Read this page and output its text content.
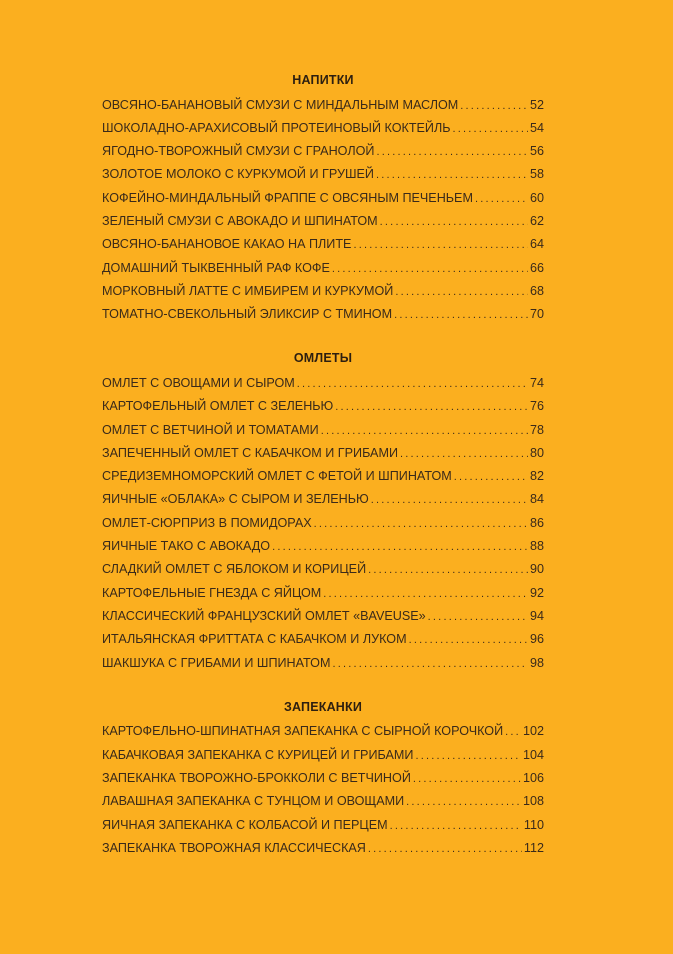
НАПИТКИ
ОВСЯНО-БАНАНОВЫЙ СМУЗИ С МИНДАЛЬНЫМ МАСЛОМ .....	52
ШОКОЛАДНО-АРАХИСОВЫЙ ПРОТЕИНОВЫЙ КОКТЕЙЛЬ .....	54
ЯГОДНО-ТВОРОЖНЫЙ СМУЗИ С ГРАНОЛОЙ .....	56
ЗОЛОТОЕ МОЛОКО С КУРКУМОЙ И ГРУШЕЙ .....	58
КОФЕЙНО-МИНДАЛЬНЫЙ ФРАППЕ С ОВСЯНЫМ ПЕЧЕНЬЕМ .....	60
ЗЕЛЕНЫЙ СМУЗИ С АВОКАДО И ШПИНАТОМ .....	62
ОВСЯНО-БАНАНОВОЕ КАКАО НА ПЛИТЕ .....	64
ДОМАШНИЙ ТЫКВЕННЫЙ РАФ КОФЕ .....	66
МОРКОВНЫЙ ЛАТТЕ С ИМБИРЕМ И КУРКУМОЙ .....	68
ТОМАТНО-СВЕКОЛЬНЫЙ ЭЛИКСИР С ТМИНОМ .....	70
ОМЛЕТЫ
ОМЛЕТ С ОВОЩАМИ И СЫРОМ .....	74
КАРТОФЕЛЬНЫЙ ОМЛЕТ С ЗЕЛЕНЬЮ .....	76
ОМЛЕТ С ВЕТЧИНОЙ И ТОМАТАМИ .....	78
ЗАПЕЧЕННЫЙ ОМЛЕТ С КАБАЧКОМ И ГРИБАМИ .....	80
СРЕДИЗЕМНОМОРСКИЙ ОМЛЕТ С ФЕТОЙ И ШПИНАТОМ .....	82
ЯИЧНЫЕ «ОБЛАКА» С СЫРОМ И ЗЕЛЕНЬЮ .....	84
ОМЛЕТ-СЮРПРИЗ В ПОМИДОРАХ .....	86
ЯИЧНЫЕ ТАКО С АВОКАДО .....	88
СЛАДКИЙ ОМЛЕТ С ЯБЛОКОМ И КОРИЦЕЙ .....	90
КАРТОФЕЛЬНЫЕ ГНЕЗДА С ЯЙЦОМ .....	92
КЛАССИЧЕСКИЙ ФРАНЦУЗСКИЙ ОМЛЕТ «BAVEUSE» .....	94
ИТАЛЬЯНСКАЯ ФРИТТАТА С КАБАЧКОМ И ЛУКОМ .....	96
ШАКШУКА С ГРИБАМИ И ШПИНАТОМ .....	98
ЗАПЕКАНКИ
КАРТОФЕЛЬНО-ШПИНАТНАЯ ЗАПЕКАНКА С СЫРНОЙ КОРОЧКОЙ ..... 102
КАБАЧКОВАЯ ЗАПЕКАНКА С КУРИЦЕЙ И ГРИБАМИ .....	104
ЗАПЕКАНКА ТВОРОЖНО-БРОККОЛИ С ВЕТЧИНОЙ .....	106
ЛАВАШНАЯ ЗАПЕКАНКА С ТУНЦОМ И ОВОЩАМИ .....	108
ЯИЧНАЯ ЗАПЕКАНКА С КОЛБАСОЙ И ПЕРЦЕМ .....	110
ЗАПЕКАНКА ТВОРОЖНАЯ КЛАССИЧЕСКАЯ .....	112
